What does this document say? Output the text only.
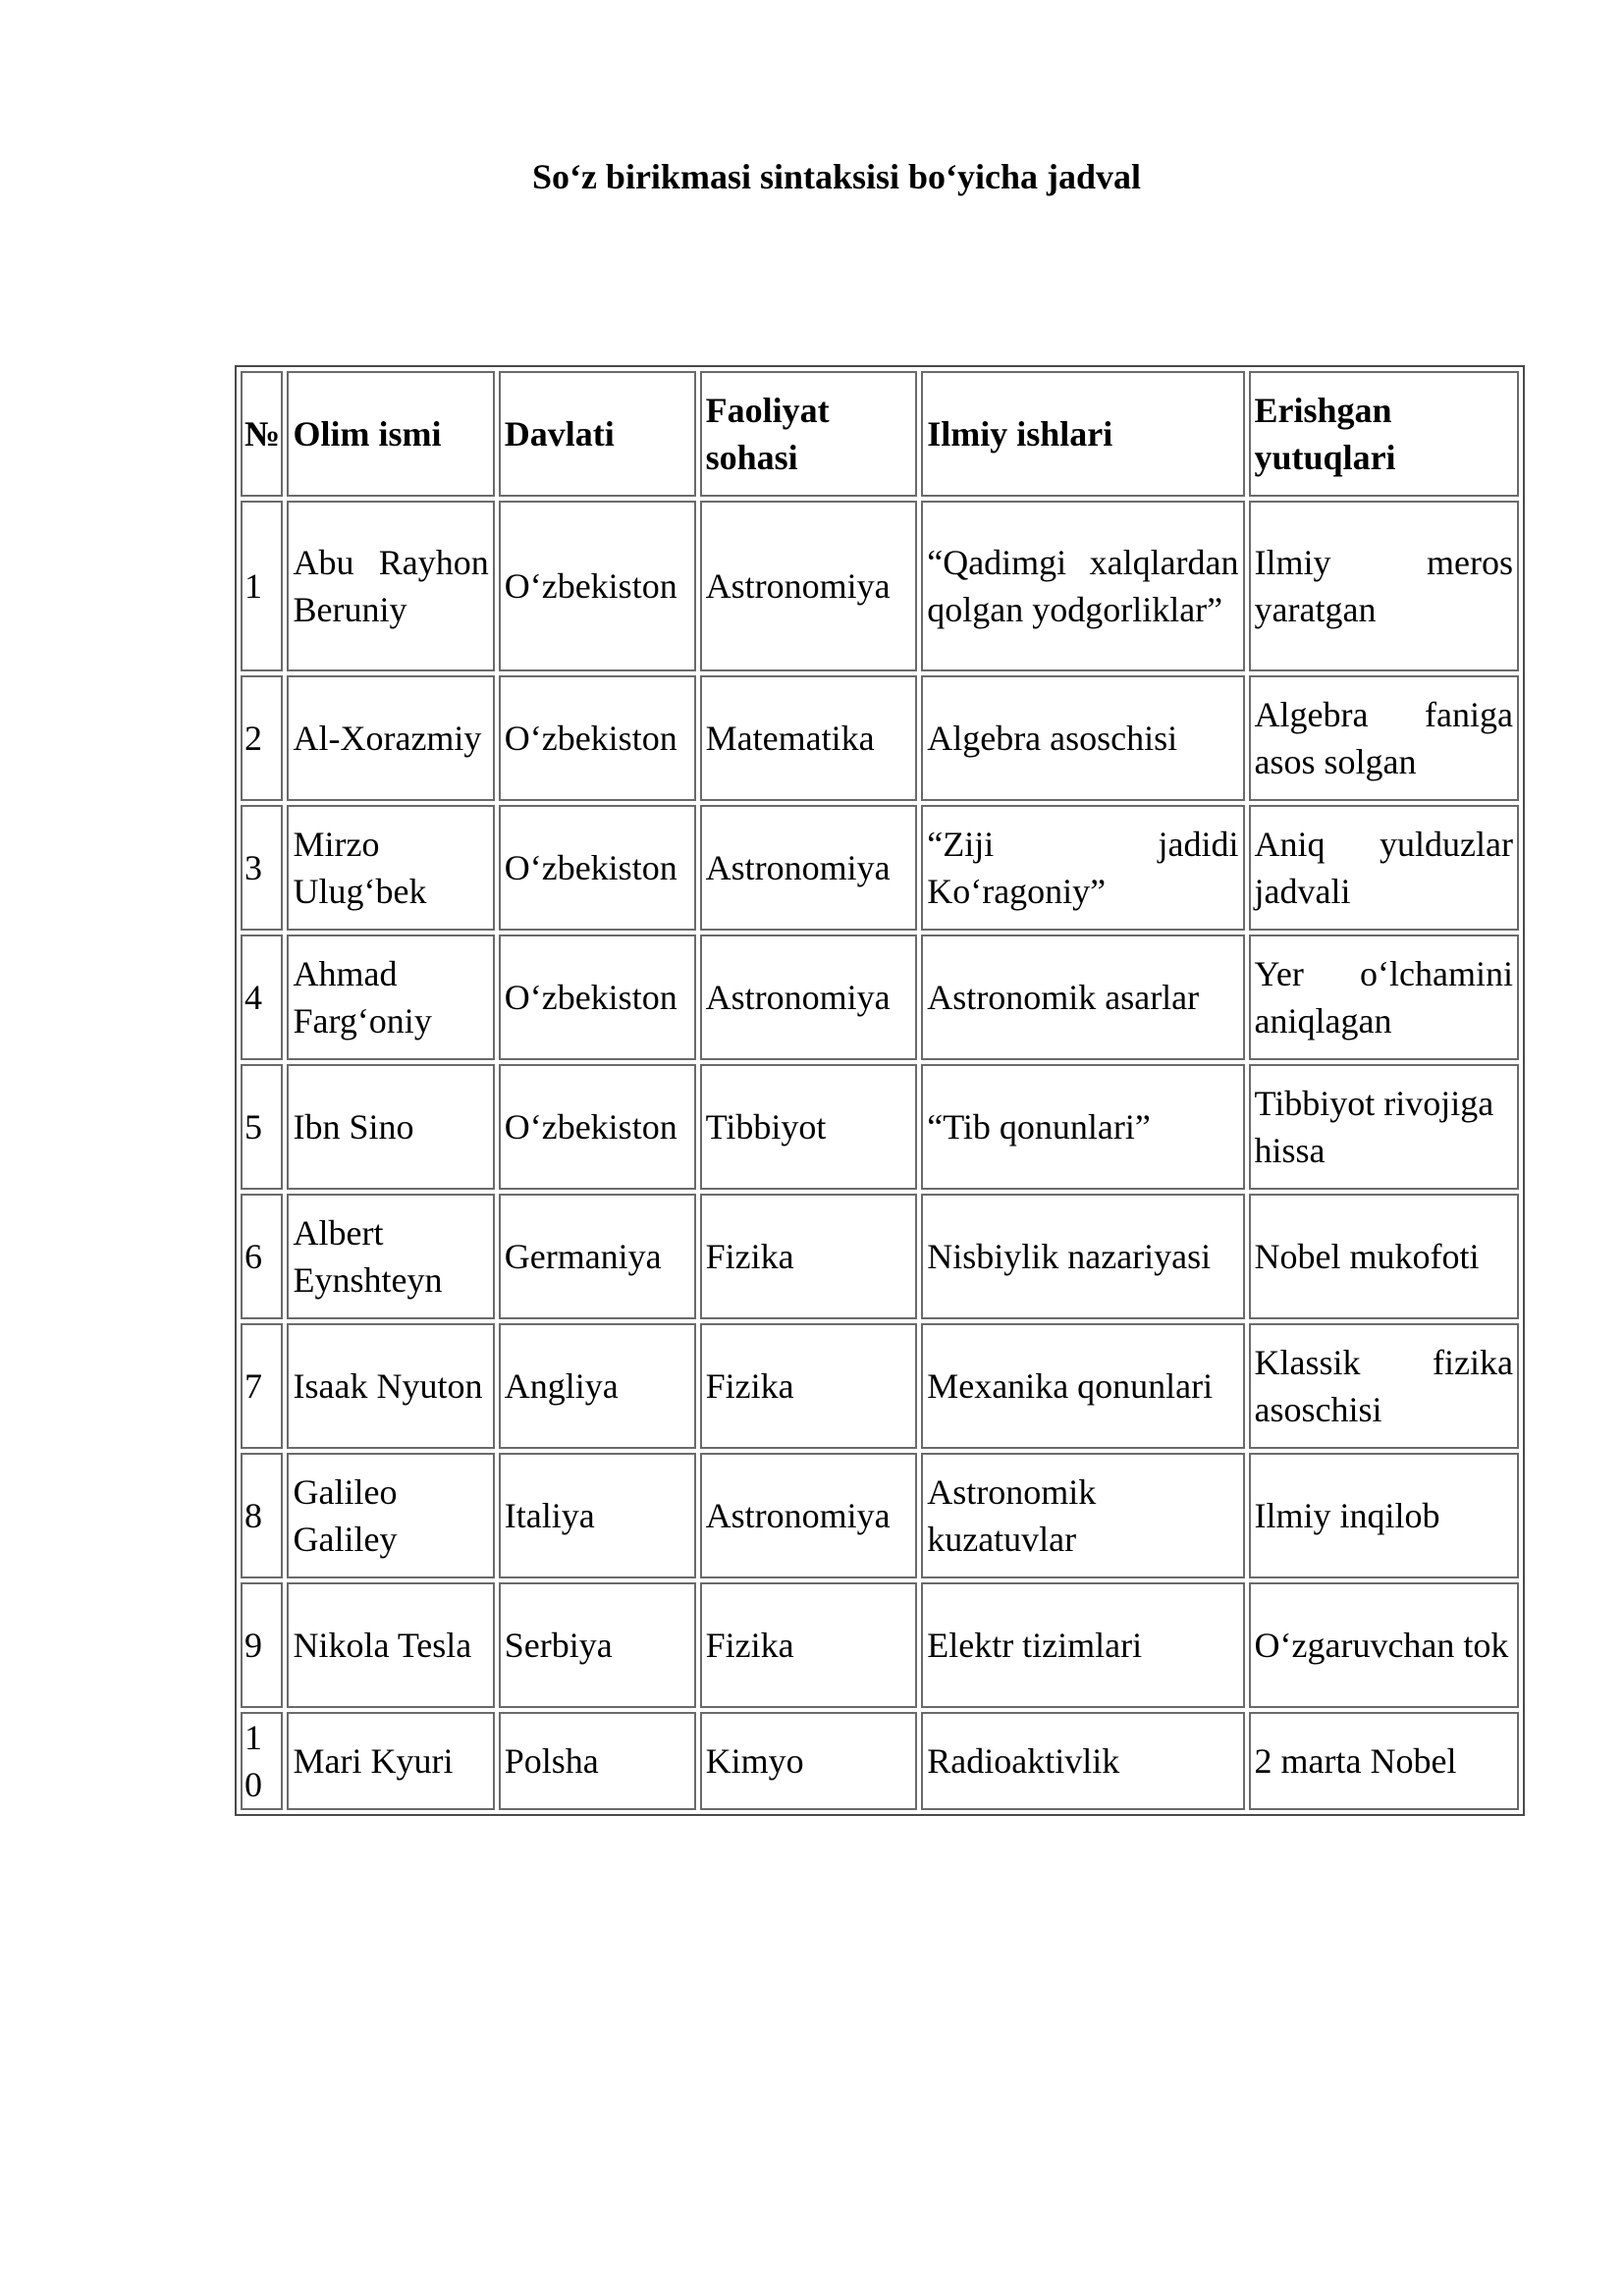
So‘z birikmasi sintaksisi bo‘yicha jadval
№	Olim ismi	Davlati	Faoliyat sohasi	Ilmiy ishlari	Erishgan yutuqlari
1	Abu Rayhon Beruniy	O‘zbekiston	Astronomiya	“Qadimgi xalqlardan qolgan yodgorliklar”	Ilmiy meros yaratgan
2	Al-Xorazmiy	O‘zbekiston	Matematika	Algebra asoschisi	Algebra faniga asos solgan
3	Mirzo Ulug‘bek	O‘zbekiston	Astronomiya	“Ziji jadidi Ko‘ragoniy”	Aniq yulduzlar jadvali
4	Ahmad Farg‘oniy	O‘zbekiston	Astronomiya	Astronomik asarlar	Yer o‘lchamini aniqlagan
5	Ibn Sino	O‘zbekiston	Tibbiyot	“Tib qonunlari”	Tibbiyot rivojiga hissa
6	Albert Eynshteyn	Germaniya	Fizika	Nisbiylik nazariyasi	Nobel mukofoti
7	Isaak Nyuton	Angliya	Fizika	Mexanika qonunlari	Klassik fizika asoschisi
8	Galileo Galiley	Italiya	Astronomiya	Astronomik kuzatuvlar	Ilmiy inqilob
9	Nikola Tesla	Serbiya	Fizika	Elektr tizimlari	O‘zgaruvchan tok
10	Mari Kyuri	Polsha	Kimyo	Radioaktivlik	2 marta Nobel
